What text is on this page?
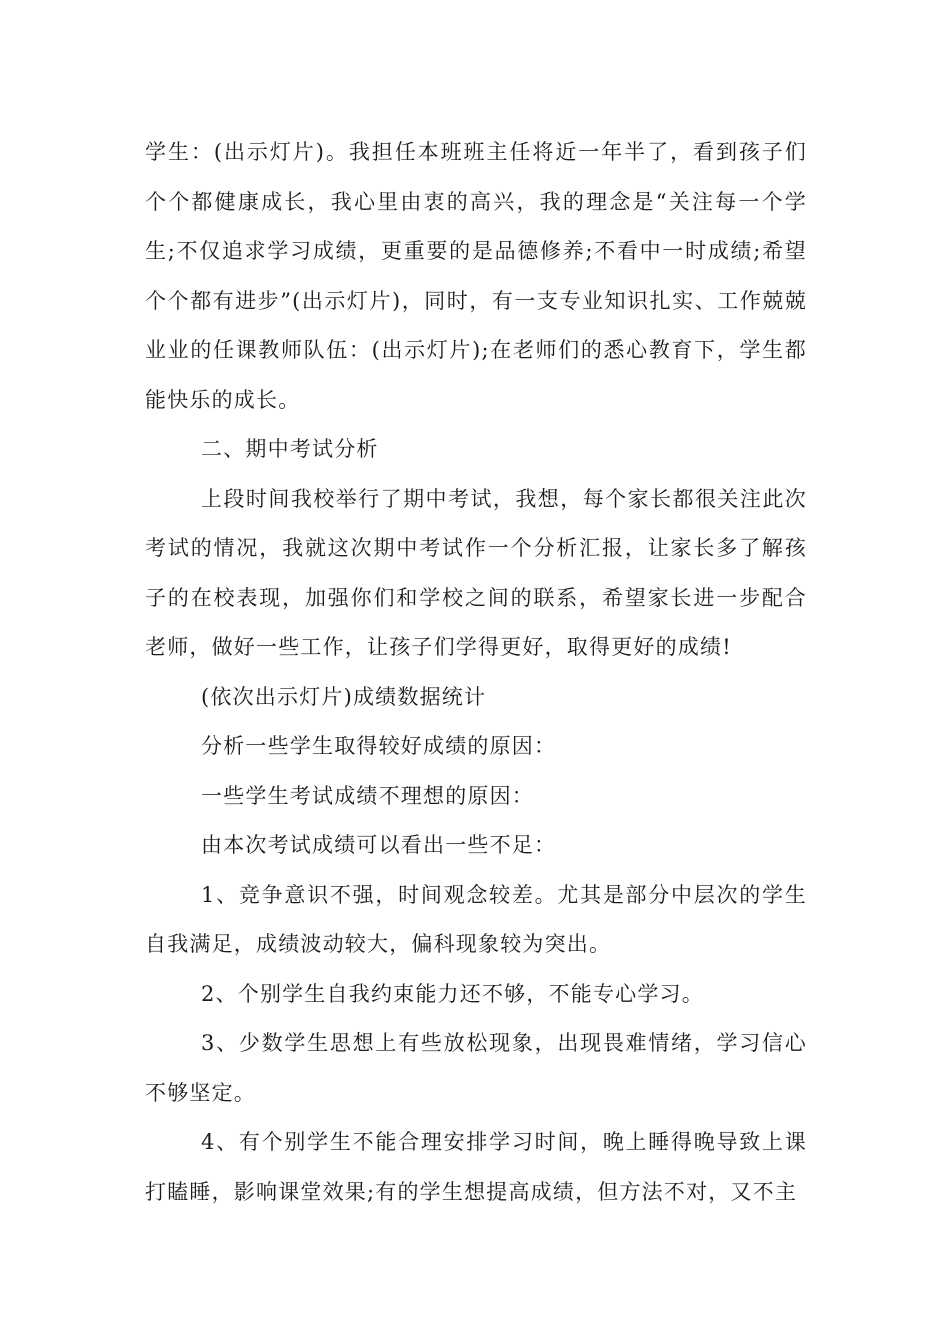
学生：(出示灯片)。我担任本班班主任将近一年半了，看到孩子们个个都健康成长，我心里由衷的高兴，我的理念是“关注每一个学生;不仅追求学习成绩，更重要的是品德修养;不看中一时成绩;希望个个都有进步”(出示灯片)，同时，有一支专业知识扎实、工作兢兢业业的任课教师队伍：(出示灯片);在老师们的悉心教育下，学生都能快乐的成长。

二、期中考试分析

上段时间我校举行了期中考试，我想，每个家长都很关注此次考试的情况，我就这次期中考试作一个分析汇报，让家长多了解孩子的在校表现，加强你们和学校之间的联系，希望家长进一步配合老师，做好一些工作，让孩子们学得更好，取得更好的成绩!

(依次出示灯片)成绩数据统计

分析一些学生取得较好成绩的原因：

一些学生考试成绩不理想的原因：

由本次考试成绩可以看出一些不足：

1、竞争意识不强，时间观念较差。尤其是部分中层次的学生自我满足，成绩波动较大，偏科现象较为突出。

2、个别学生自我约束能力还不够，不能专心学习。

3、少数学生思想上有些放松现象，出现畏难情绪，学习信心不够坚定。

4、有个别学生不能合理安排学习时间，晚上睡得晚导致上课打瞌睡，影响课堂效果;有的学生想提高成绩，但方法不对，又不主
